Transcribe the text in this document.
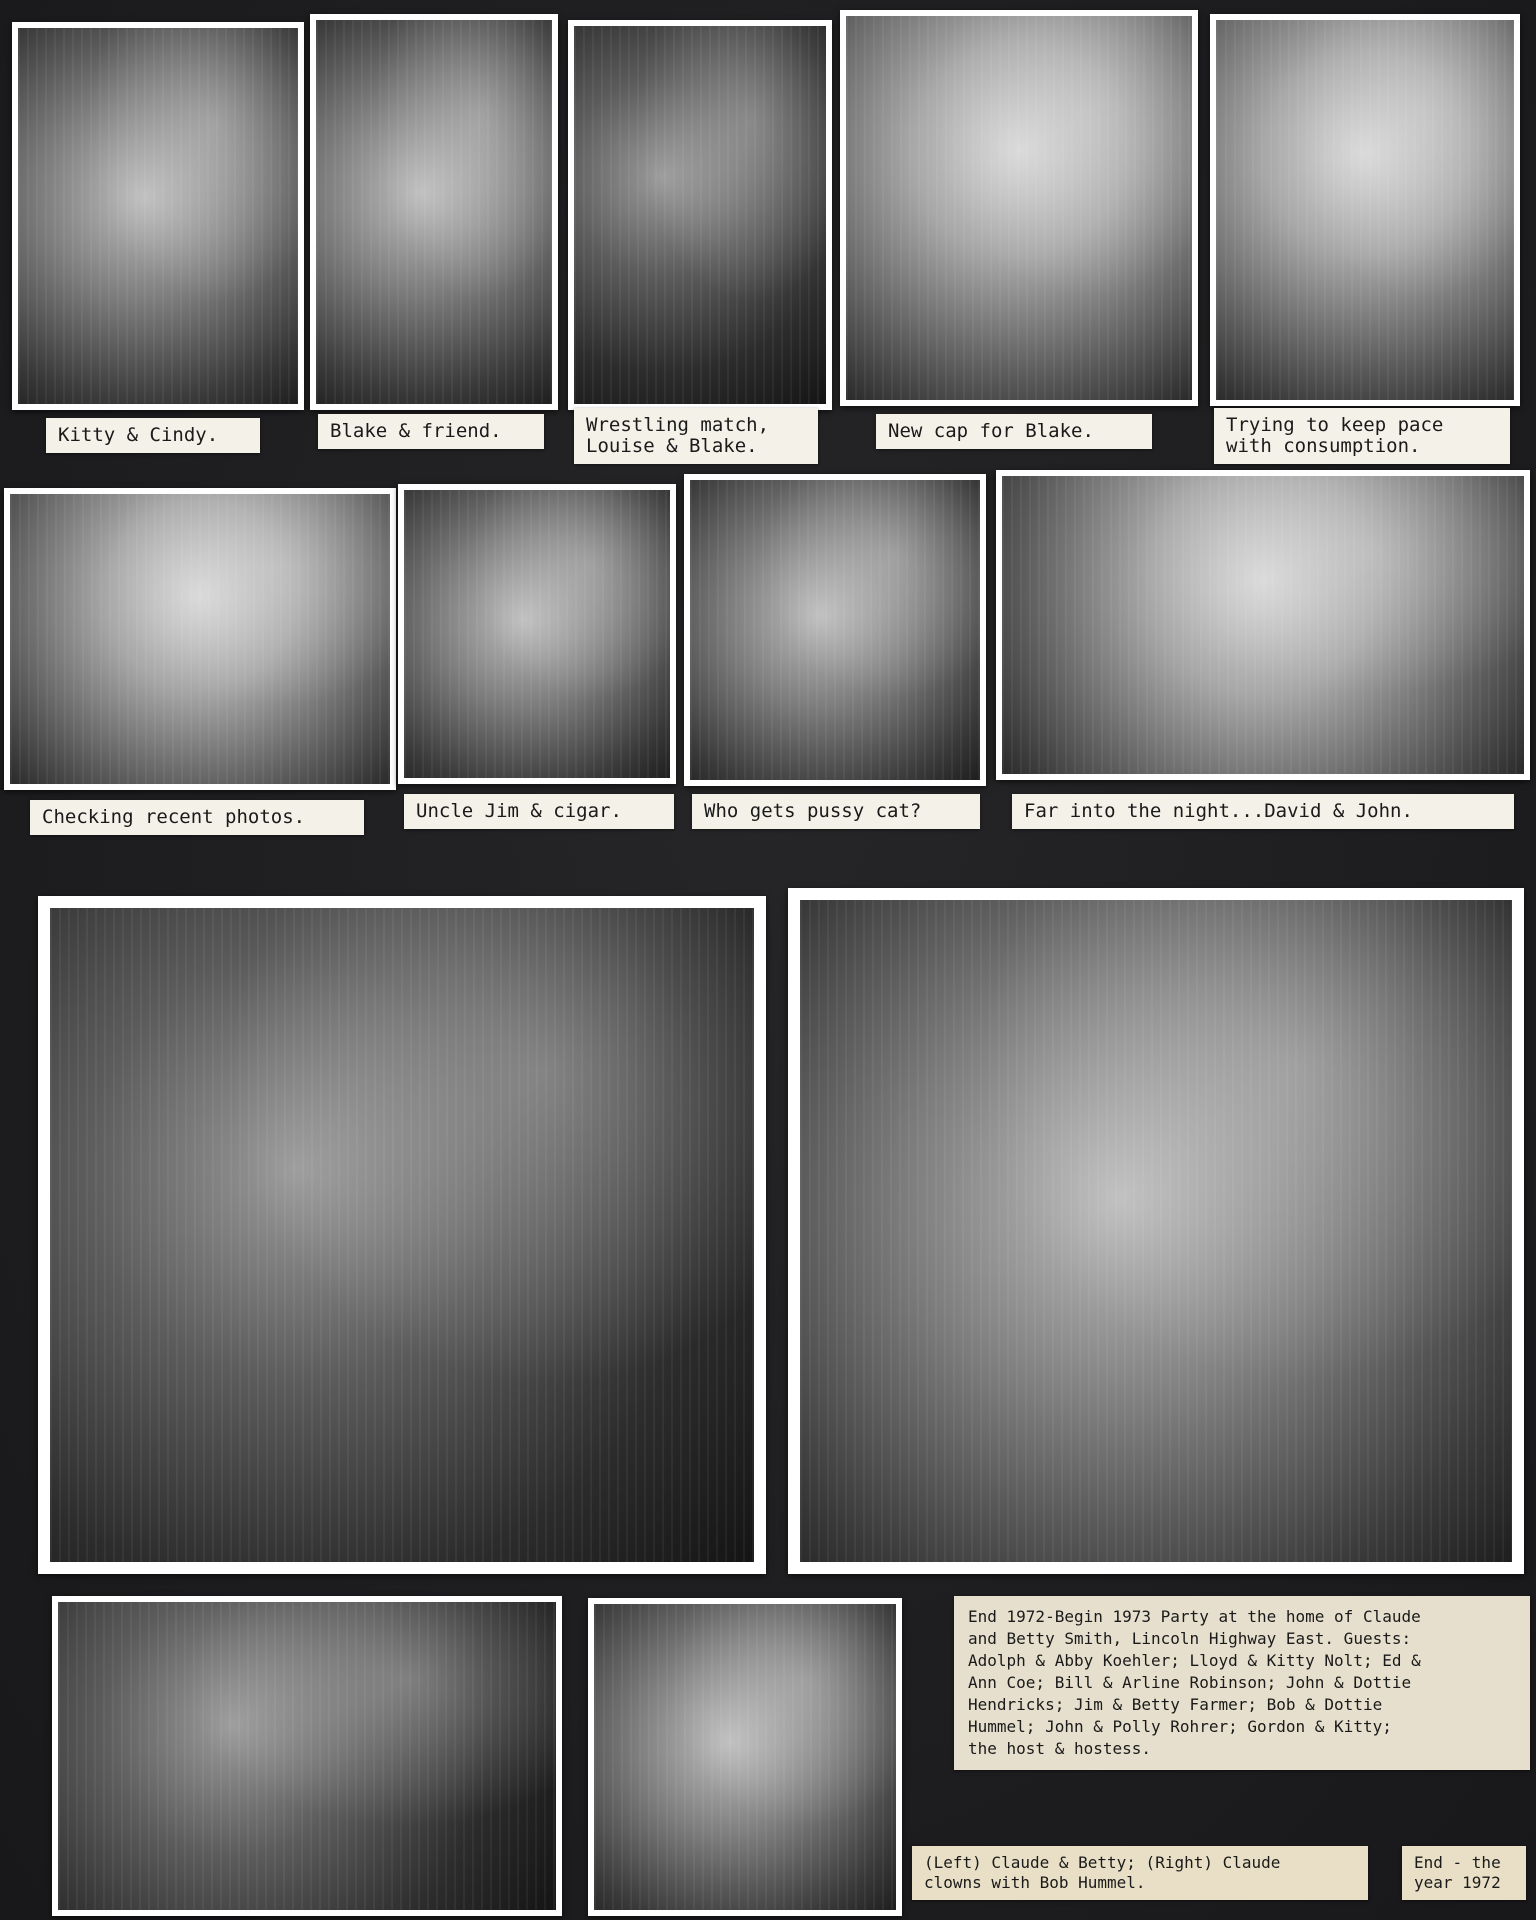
Kitty & Cindy.	Blake & friend.	Wrestling match,
Louise & Blake.
New cap for Blake.	Trying to keep pace
with consumption.
Checking recent photos.	Uncle Jim & cigar.	Who gets pussy cat?	Far into the night...David & John.
End 1972-Begin 1973 Party at the home of Claude
and Betty Smith, Lincoln Highway East. Guests:
Adolph & Abby Koehler; Lloyd & Kitty Nolt; Ed &
Ann Coe; Bill & Arline Robinson; John & Dottie
Hendricks; Jim & Betty Farmer; Bob & Dottie
Hummel; John & Polly Rohrer; Gordon & Kitty;
the host & hostess.
(Left) Claude & Betty; (Right) Claude
clowns with Bob Hummel.
End - the
year 1972
